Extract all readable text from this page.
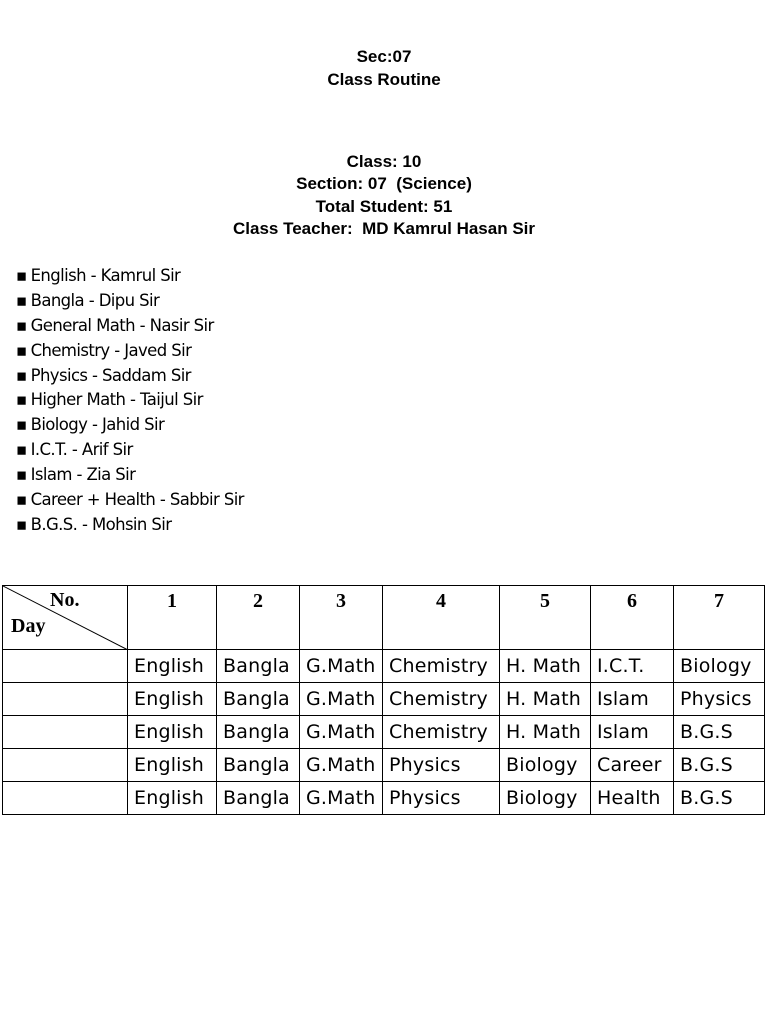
Sec:07
Class Routine
Class: 10
Section: 07  (Science)
Total Student: 51
Class Teacher:  MD Kamrul Hasan Sir
▪ English - Kamrul Sir
▪ Bangla - Dipu Sir
▪ General Math - Nasir Sir
▪ Chemistry - Javed Sir
▪ Physics - Saddam Sir
▪ Higher Math - Taijul Sir
▪ Biology - Jahid Sir
▪ I.C.T. - Arif Sir
▪ Islam - Zia Sir
▪ Career + Health - Sabbir Sir
▪ B.G.S. - Mohsin Sir
No.
Day	1	2	3	4	5	6	7
	English	Bangla	G.Math	Chemistry	H. Math	I.C.T.	Biology
	English	Bangla	G.Math	Chemistry	H. Math	Islam	Physics
	English	Bangla	G.Math	Chemistry	H. Math	Islam	B.G.S
	English	Bangla	G.Math	Physics	Biology	Career	B.G.S
	English	Bangla	G.Math	Physics	Biology	Health	B.G.S
